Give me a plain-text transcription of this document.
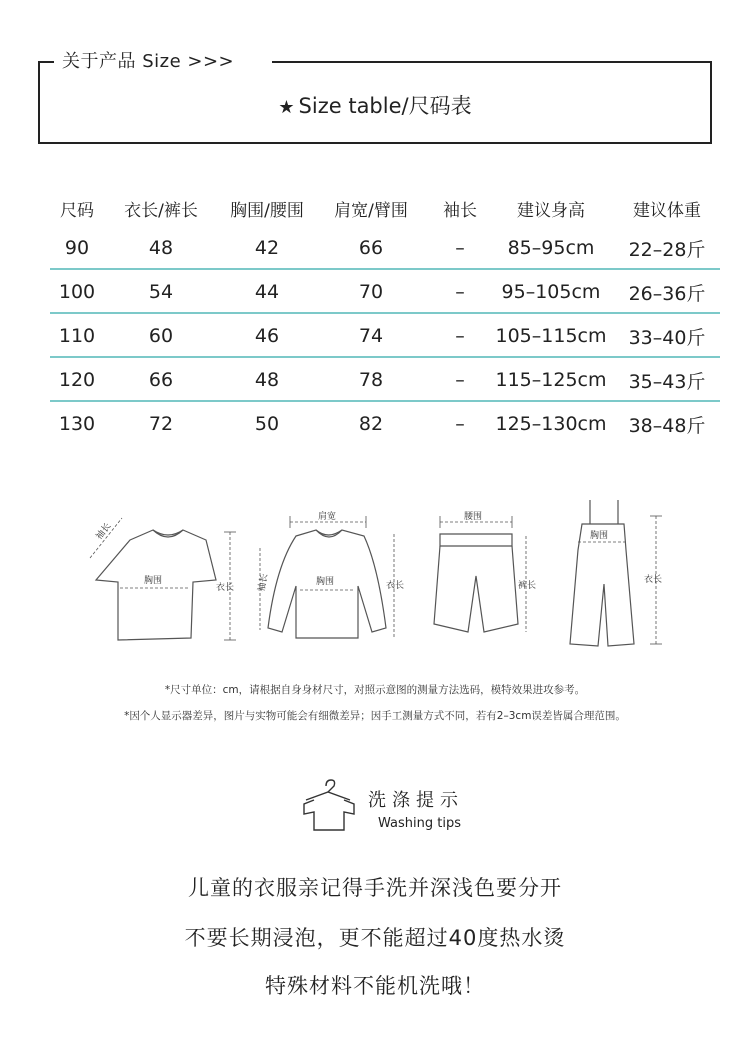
关于产品 Size >>>
★ Size table/尺码表
尺码	衣长/裤长	胸围/腰围	肩宽/臂围	袖长	建议身高	建议体重
90	48	42	66	–	85–95cm	22–28斤
100	54	44	70	–	95–105cm	26–36斤
110	60	46	74	–	105–115cm	33–40斤
120	66	48	78	–	115–125cm	35–43斤
130	72	50	82	–	125–130cm	38–48斤
袖长
胸围
衣长
肩宽
袖长	胸围	衣长
腰围
裤长
胸围
衣长
*尺寸单位：cm，请根据自身身材尺寸，对照示意图的测量方法选码，模特效果进攻参考。
*因个人显示器差异，图片与实物可能会有细微差异；因手工测量方式不同，若有2–3cm误差皆属合理范围。
洗涤提示
Washing tips
儿童的衣服亲记得手洗并深浅色要分开
不要长期浸泡，更不能超过40度热水烫
特殊材料不能机洗哦！
